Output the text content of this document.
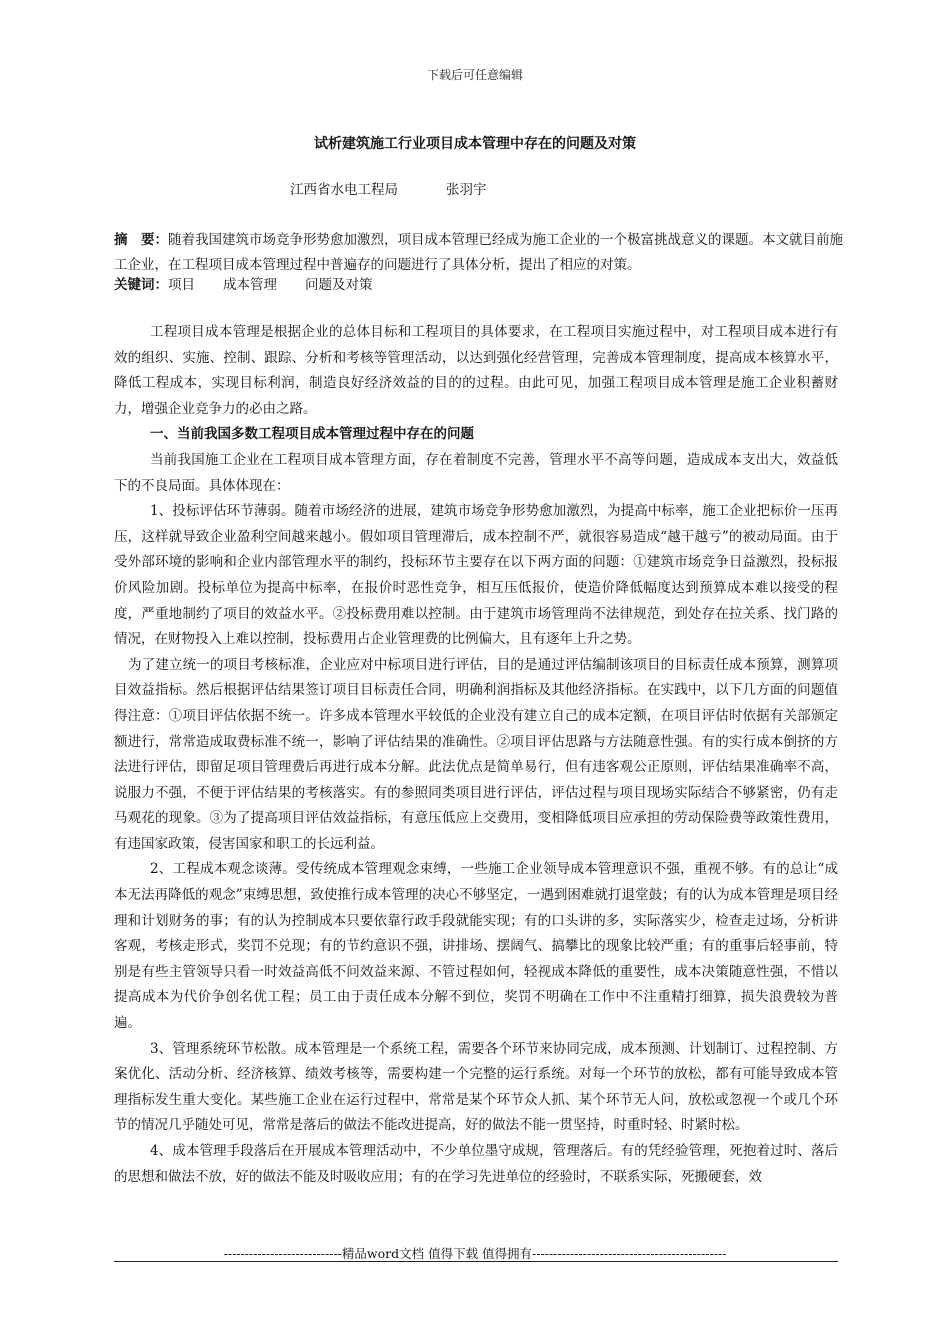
下载后可任意编辑
试析建筑施工行业项目成本管理中存在的问题及对策
江西省水电工程局	张羽宇
摘　要：随着我国建筑市场竞争形势愈加激烈，项目成本管理已经成为施工企业的一个极富挑战意义的课题。本文就目前施工企业，在工程项目成本管理过程中普遍存的问题进行了具体分析，提出了相应的对策。
关键词：项目 成本管理 问题及对策

工程项目成本管理是根据企业的总体目标和工程项目的具体要求，在工程项目实施过程中，对工程项目成本进行有效的组织、实施、控制、跟踪、分析和考核等管理活动，以达到强化经营管理，完善成本管理制度，提高成本核算水平，降低工程成本，实现目标利润，制造良好经济效益的目的的过程。由此可见，加强工程项目成本管理是施工企业积蓄财力，增强企业竞争力的必由之路。

一、当前我国多数工程项目成本管理过程中存在的问题

当前我国施工企业在工程项目成本管理方面，存在着制度不完善，管理水平不高等问题，造成成本支出大，效益低下的不良局面。具体体现在：

1、投标评估环节薄弱。随着市场经济的进展，建筑市场竞争形势愈加激烈，为提高中标率，施工企业把标价一压再压，这样就导致企业盈利空间越来越小。假如项目管理滞后，成本控制不严，就很容易造成“越干越亏”的被动局面。由于受外部环境的影响和企业内部管理水平的制约，投标环节主要存在以下两方面的问题：①建筑市场竞争日益激烈，投标报价风险加剧。投标单位为提高中标率，在报价时恶性竞争，相互压低报价，使造价降低幅度达到预算成本难以接受的程度，严重地制约了项目的效益水平。②投标费用难以控制。由于建筑市场管理尚不法律规范，到处存在拉关系、找门路的情况，在财物投入上难以控制，投标费用占企业管理费的比例偏大，且有逐年上升之势。

为了建立统一的项目考核标准，企业应对中标项目进行评估，目的是通过评估编制该项目的目标责任成本预算，测算项目效益指标。然后根据评估结果签订项目目标责任合同，明确利润指标及其他经济指标。在实践中，以下几方面的问题值得注意：①项目评估依据不统一。许多成本管理水平较低的企业没有建立自己的成本定额，在项目评估时依据有关部颁定额进行，常常造成取费标准不统一，影响了评估结果的准确性。②项目评估思路与方法随意性强。有的实行成本倒挤的方法进行评估，即留足项目管理费后再进行成本分解。此法优点是简单易行，但有违客观公正原则，评估结果准确率不高，说服力不强，不便于评估结果的考核落实。有的参照同类项目进行评估，评估过程与项目现场实际结合不够紧密，仍有走马观花的现象。③为了提高项目评估效益指标，有意压低应上交费用，变相降低项目应承担的劳动保险费等政策性费用，有违国家政策，侵害国家和职工的长远利益。

2、工程成本观念谈薄。受传统成本管理观念束缚，一些施工企业领导成本管理意识不强，重视不够。有的总让“成本无法再降低的观念”束缚思想，致使推行成本管理的决心不够坚定，一遇到困难就打退堂鼓；有的认为成本管理是项目经理和计划财务的事；有的认为控制成本只要依靠行政手段就能实现；有的口头讲的多，实际落实少，检查走过场，分析讲客观，考核走形式，奖罚不兑现；有的节约意识不强，讲排场、摆阔气、搞攀比的现象比较严重；有的重事后轻事前，特别是有些主管领导只看一时效益高低不问效益来源、不管过程如何，轻视成本降低的重要性，成本决策随意性强，不惜以提高成本为代价争创名优工程；员工由于责任成本分解不到位，奖罚不明确在工作中不注重精打细算，损失浪费较为普遍。

3、管理系统环节松散。成本管理是一个系统工程，需要各个环节来协同完成，成本预测、计划制订、过程控制、方案优化、活动分析、经济核算、绩效考核等，需要构建一个完整的运行系统。对每一个环节的放松，都有可能导致成本管理指标发生重大变化。某些施工企业在运行过程中，常常是某个环节众人抓、某个环节无人问，放松或忽视一个或几个环节的情况几乎随处可见，常常是落后的做法不能改进提高，好的做法不能一贯坚持，时重时轻、时紧时松。

4、成本管理手段落后在开展成本管理活动中，不少单位墨守成规，管理落后。有的凭经验管理，死抱着过时、落后的思想和做法不放，好的做法不能及时吸收应用；有的在学习先进单位的经验时，不联系实际，死搬硬套，效

----------------------------精品word文档 值得下载 值得拥有----------------------------------------------
